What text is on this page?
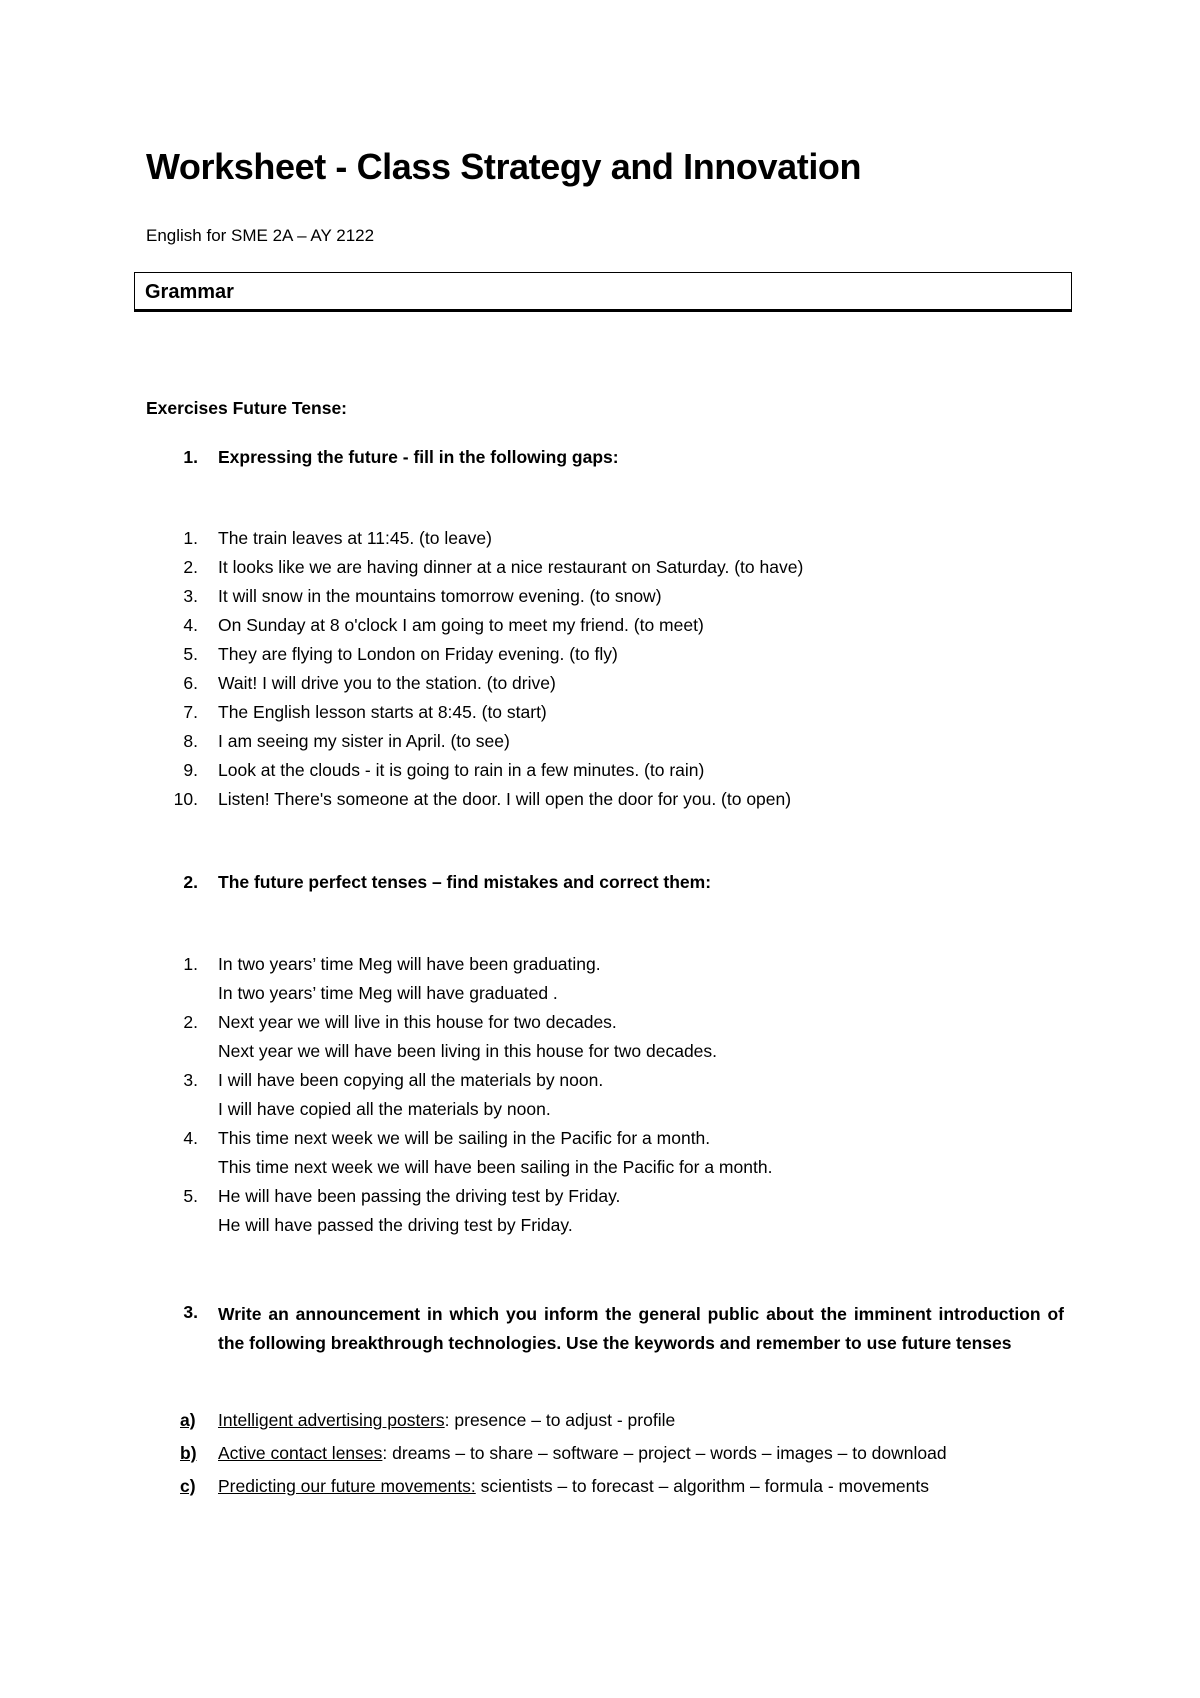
Worksheet - Class Strategy and Innovation
English for SME 2A – AY 2122
Grammar
Exercises Future Tense:
1. Expressing the future - fill in the following gaps:
1. The train leaves at 11:45. (to leave)
2. It looks like we are having dinner at a nice restaurant on Saturday. (to have)
3. It will snow in the mountains tomorrow evening. (to snow)
4. On Sunday at 8 o'clock I am going to meet my friend. (to meet)
5. They are flying to London on Friday evening. (to fly)
6. Wait! I will drive you to the station. (to drive)
7. The English lesson starts at 8:45. (to start)
8. I am seeing my sister in April. (to see)
9. Look at the clouds - it is going to rain in a few minutes. (to rain)
10. Listen! There's someone at the door. I will open the door for you. (to open)
2. The future perfect tenses – find mistakes and correct them:
1. In two years’ time Meg will have been graduating.
In two years’ time Meg will have graduated .
2. Next year we will live in this house for two decades.
Next year we will have been living in this house for two decades.
3. I will have been copying all the materials by noon.
I will have copied all the materials by noon.
4. This time next week we will be sailing in the Pacific for a month.
This time next week we will have been sailing in the Pacific for a month.
5. He will have been passing the driving test by Friday.
He will have passed the driving test by Friday.
3. Write an announcement in which you inform the general public about the imminent introduction of the following breakthrough technologies. Use the keywords and remember to use future tenses
a) Intelligent advertising posters: presence – to adjust - profile
b) Active contact lenses: dreams – to share – software – project – words – images – to download
c) Predicting our future movements: scientists – to forecast – algorithm – formula - movements
